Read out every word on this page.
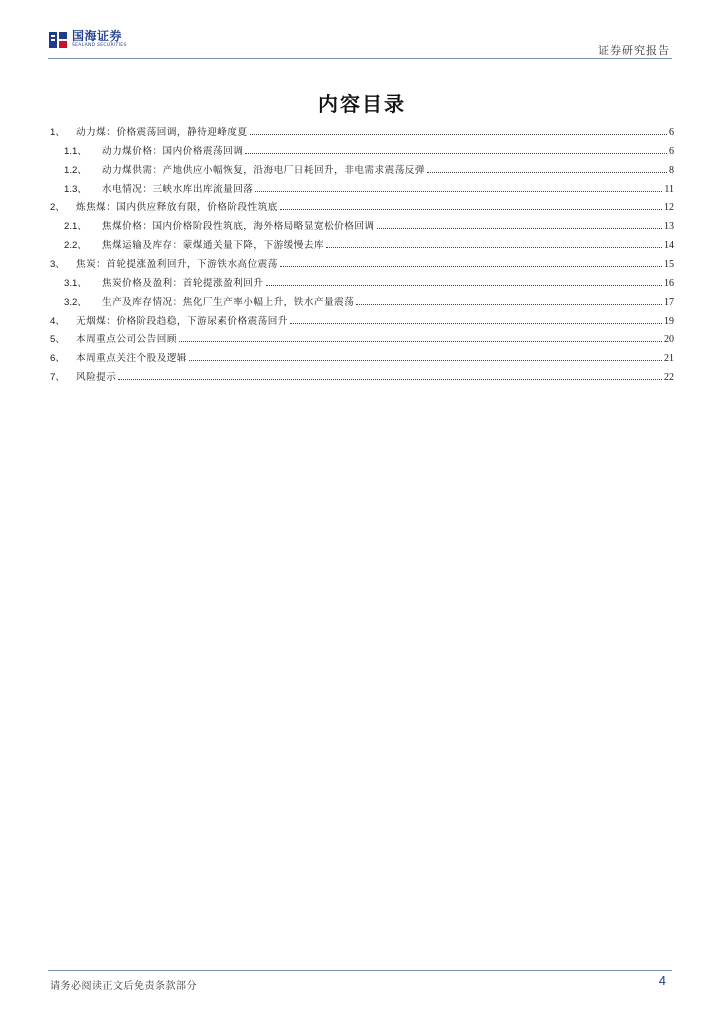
国海证券
SEALAND SECURITIES	证券研究报告
内容目录
1、	动力煤：价格震荡回调，静待迎峰度夏	6
1.1、	动力煤价格：国内价格震荡回调	6
1.2、	动力煤供需：产地供应小幅恢复，沿海电厂日耗回升，非电需求震荡反弹	8
1.3、	水电情况：三峡水库出库流量回落	11
2、	炼焦煤：国内供应释放有限，价格阶段性筑底	12
2.1、	焦煤价格：国内价格阶段性筑底，海外格局略显宽松价格回调	13
2.2、	焦煤运输及库存：蒙煤通关量下降，下游缓慢去库	14
3、	焦炭：首轮提涨盈利回升，下游铁水高位震荡	15
3.1、	焦炭价格及盈利：首轮提涨盈利回升	16
3.2、	生产及库存情况：焦化厂生产率小幅上升，铁水产量震荡	17
4、	无烟煤：价格阶段趋稳，下游尿素价格震荡回升	19
5、	本周重点公司公告回顾	20
6、	本周重点关注个股及逻辑	21
7、	风险提示	22
请务必阅读正文后免责条款部分	4
